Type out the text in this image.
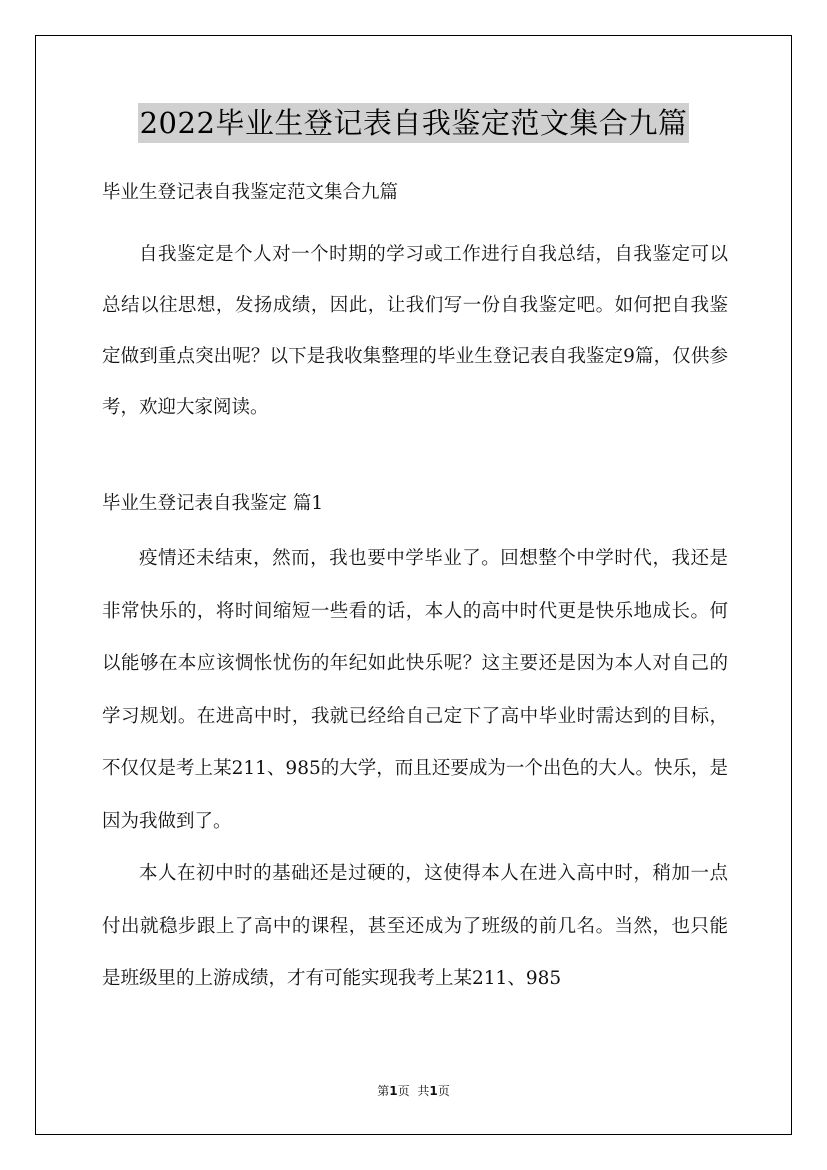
2022毕业生登记表自我鉴定范文集合九篇

毕业生登记表自我鉴定范文集合九篇

自我鉴定是个人对一个时期的学习或工作进行自我总结，自我鉴定可以总结以往思想，发扬成绩，因此，让我们写一份自我鉴定吧。如何把自我鉴定做到重点突出呢？以下是我收集整理的毕业生登记表自我鉴定9篇，仅供参考，欢迎大家阅读。

毕业生登记表自我鉴定 篇1

疫情还未结束，然而，我也要中学毕业了。回想整个中学时代，我还是非常快乐的，将时间缩短一些看的话，本人的高中时代更是快乐地成长。何以能够在本应该惆怅忧伤的年纪如此快乐呢？这主要还是因为本人对自己的学习规划。在进高中时，我就已经给自己定下了高中毕业时需达到的目标，不仅仅是考上某211、985的大学，而且还要成为一个出色的大人。快乐，是因为我做到了。

本人在初中时的基础还是过硬的，这使得本人在进入高中时，稍加一点付出就稳步跟上了高中的课程，甚至还成为了班级的前几名。当然，也只能是班级里的上游成绩，才有可能实现我考上某211、985

第1页 共1页
